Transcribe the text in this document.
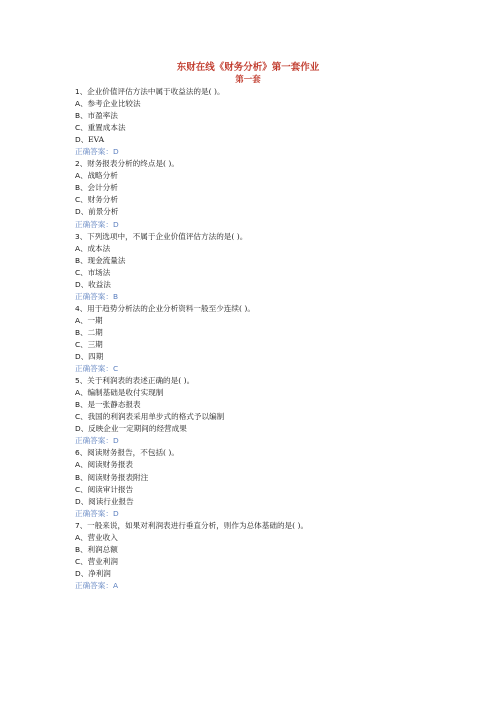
东财在线《财务分析》第一套作业
第一套
1、企业价值评估方法中属于收益法的是( )。
A、参考企业比较法
B、市盈率法
C、重置成本法
D、EVA
正确答案：D
2、财务报表分析的终点是( )。
A、战略分析
B、会计分析
C、财务分析
D、前景分析
正确答案：D
3、下列选项中，不属于企业价值评估方法的是( )。
A、成本法
B、现金流量法
C、市场法
D、收益法
正确答案：B
4、用于趋势分析法的企业分析资料一般至少连续( )。
A、一期
B、二期
C、三期
D、四期
正确答案：C
5、关于利润表的表述正确的是( )。
A、编制基础是收付实现制
B、是一张静态报表
C、我国的利润表采用单步式的格式予以编制
D、反映企业一定期间的经营成果
正确答案：D
6、阅读财务报告，不包括( )。
A、阅读财务报表
B、阅读财务报表附注
C、阅读审计报告
D、阅读行业报告
正确答案：D
7、一般来说，如果对利润表进行垂直分析，则作为总体基础的是( )。
A、营业收入
B、利润总额
C、营业利润
D、净利润
正确答案：A
